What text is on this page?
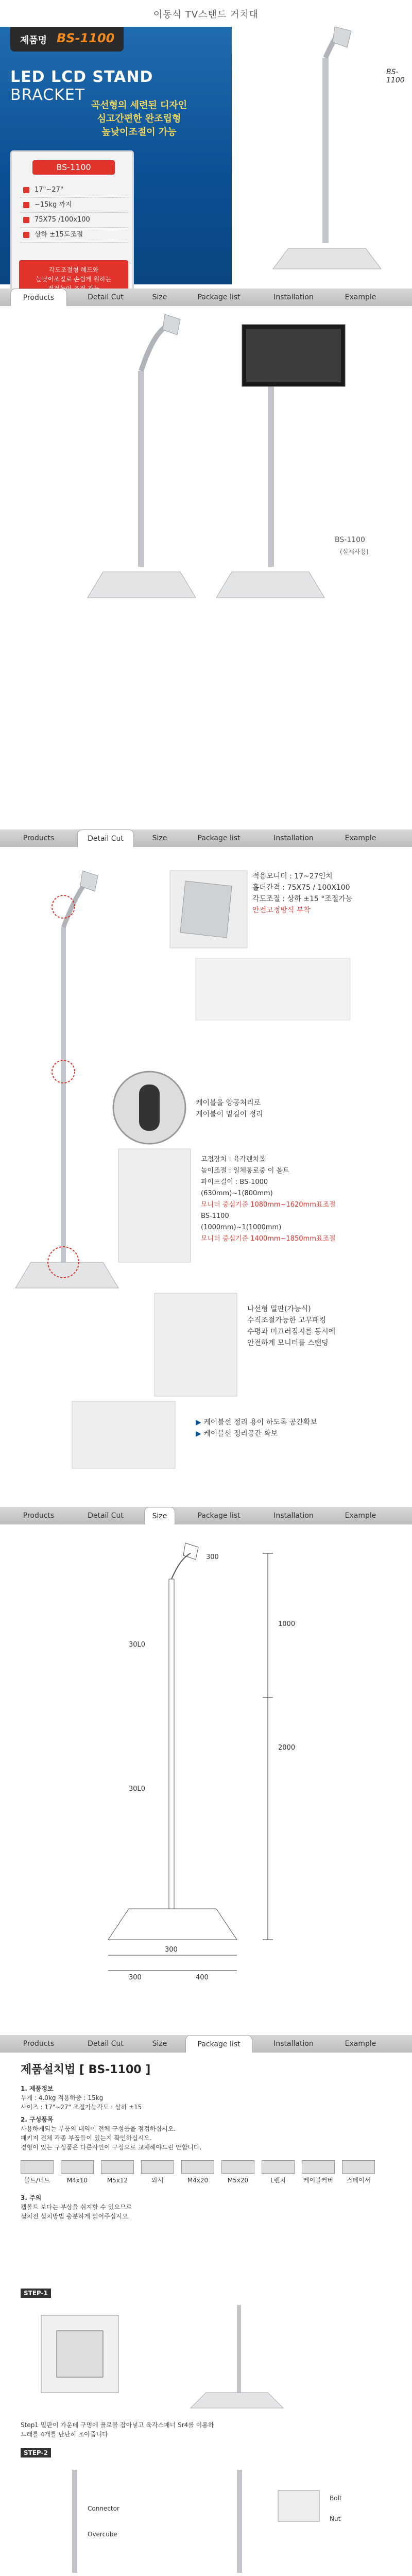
이동식 TV스탠드 거치대
제품명 BS-1100
LED LCD STAND BRACKET
곡선형의 세련된 디자인
심고간편한 완조립형
높낮이조절이 가능
BS-1100
17"~27"
~15kg 까지
75X75 /100x100
상하 ±15도조절
각도조절형 헤드와
높낮이조절로 손쉽게 원하는
BS-1100
Products	Detail Cut	Size	Package list	Installation	Example
BS-1100
(실제사용)
Products	Detail Cut	Size	Package list	Installation	Example
적용모니터 : 17~27인치
홀더간격 : 75X75 / 100X100
각도조절 : 상하 ±15 °조절가능
안전고정방식 부착
케이블을 앙공처리로
케이블이 밑길이 정리
고정장치 : 육각렌치볼
높이조절 : 일체통로중 이 볼트
파이프길이 : BS-1000
(630mm)~1(800mm)
모니터 중심기준 1080mm~1620mm표조절
BS-1100
(1000mm)~1(1000mm)
모니터 중심기준 1400mm~1850mm표조절
나선형 밀판(가능식)
수직조절가능한 고무패킹
수평과 미끄러짐지를 동시에
안전하게 모니터를 스탠딩
▶ 케이블선 정리 용이 하도록 공간확보
▶ 케이블선 정리공간 확보
Products	Detail Cut	Size	Package list	Installation	Example
300
2000
1000
300
300	400
30L0
30L0
Products	Detail Cut	Size	Package list	Installation	Example
제품설치법 [ BS-1100 ]
1. 제품정보
무게 : 4.0kg 적용하중 : 15kg
사이즈 : 17"~27" 조절가능각도 : 상하 ±15
2. 구성품목
사용하게되는 부품의 내역이 전체 구성품을 점검하십시오.
패키지 전체 각종 부품들이 있는지 확인하십시오.
경형이 있는 구성품은 다른사인이 구성으로 교체해야드린 안합니다.
볼트/너트	M4x10	M5x12	와셔	M4x20	M5x20	L렌치	케이블커버	스페이서
3. 주의
캡볼트 보다는 부상을 쉬지할 수 있으므로
설치전 설치방법 충분하게 읽어주십시오.
STEP-1
Step1 밑판이 가운데 구멍에 플로볼 잡아넣고 육각스패너 Sr4를 이용하
드래를 4개를 단단히 조아줍니다
STEP-2
Connector
Overcube
Bolt
Nut
